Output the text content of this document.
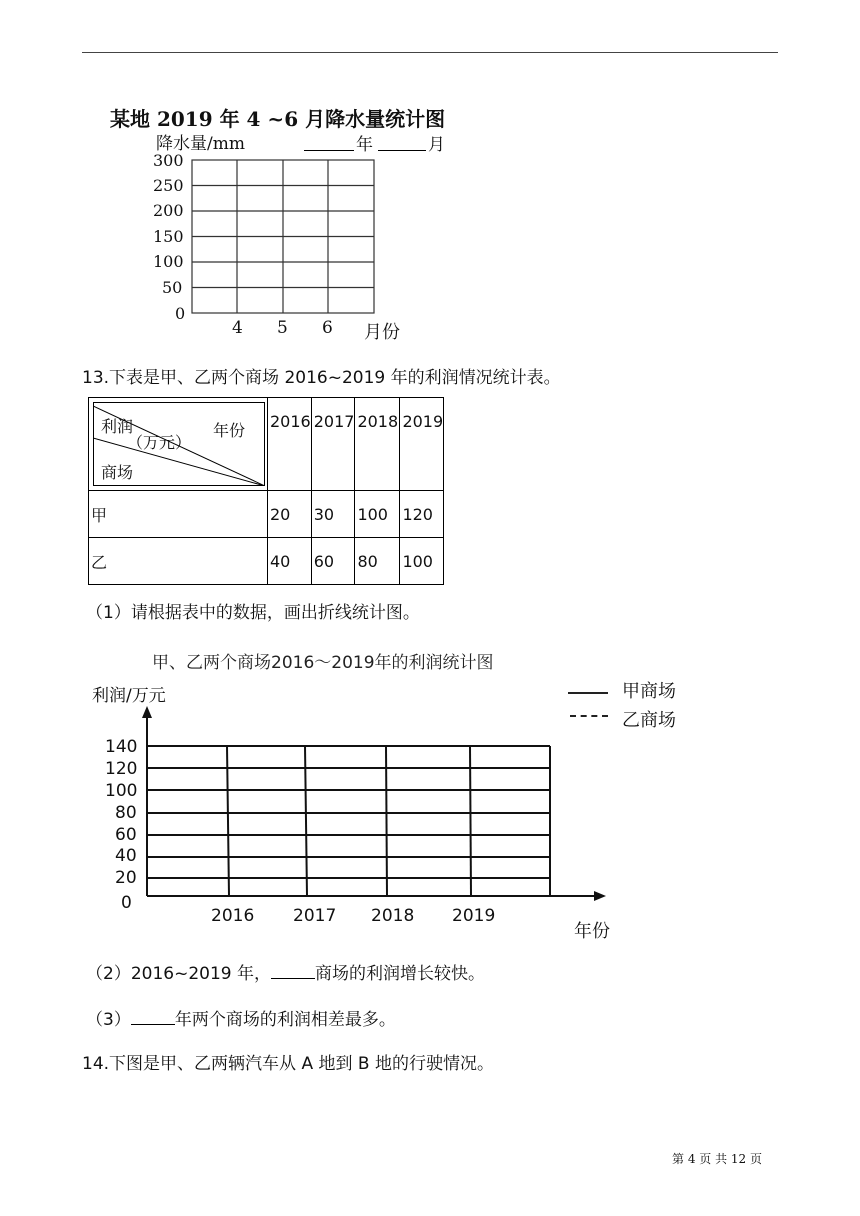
某地 2019 年 4 ~6 月降水量统计图
降水量/mm	年	月
300
250
200
150
100
50
0
4 5 6 月份
13.下表是甲、乙两个商场 2016~2019 年的利润情况统计表。
利润
（万元）
年份
商场	2016	2017	2018	2019
甲	20	30	100	120
乙	40	60	80	100
（1）请根据表中的数据，画出折线统计图。
甲、乙两个商场2016～2019年的利润统计图
利润/万元	甲商场
乙商场
140
120
100
80
60
40
20
0
2016 2017 2018 2019
年份
（2）2016~2019 年，	商场的利润增长较快。
（3）	年两个商场的利润相差最多。
14.下图是甲、乙两辆汽车从 A 地到 B 地的行驶情况。
第 4 页 共 12 页
